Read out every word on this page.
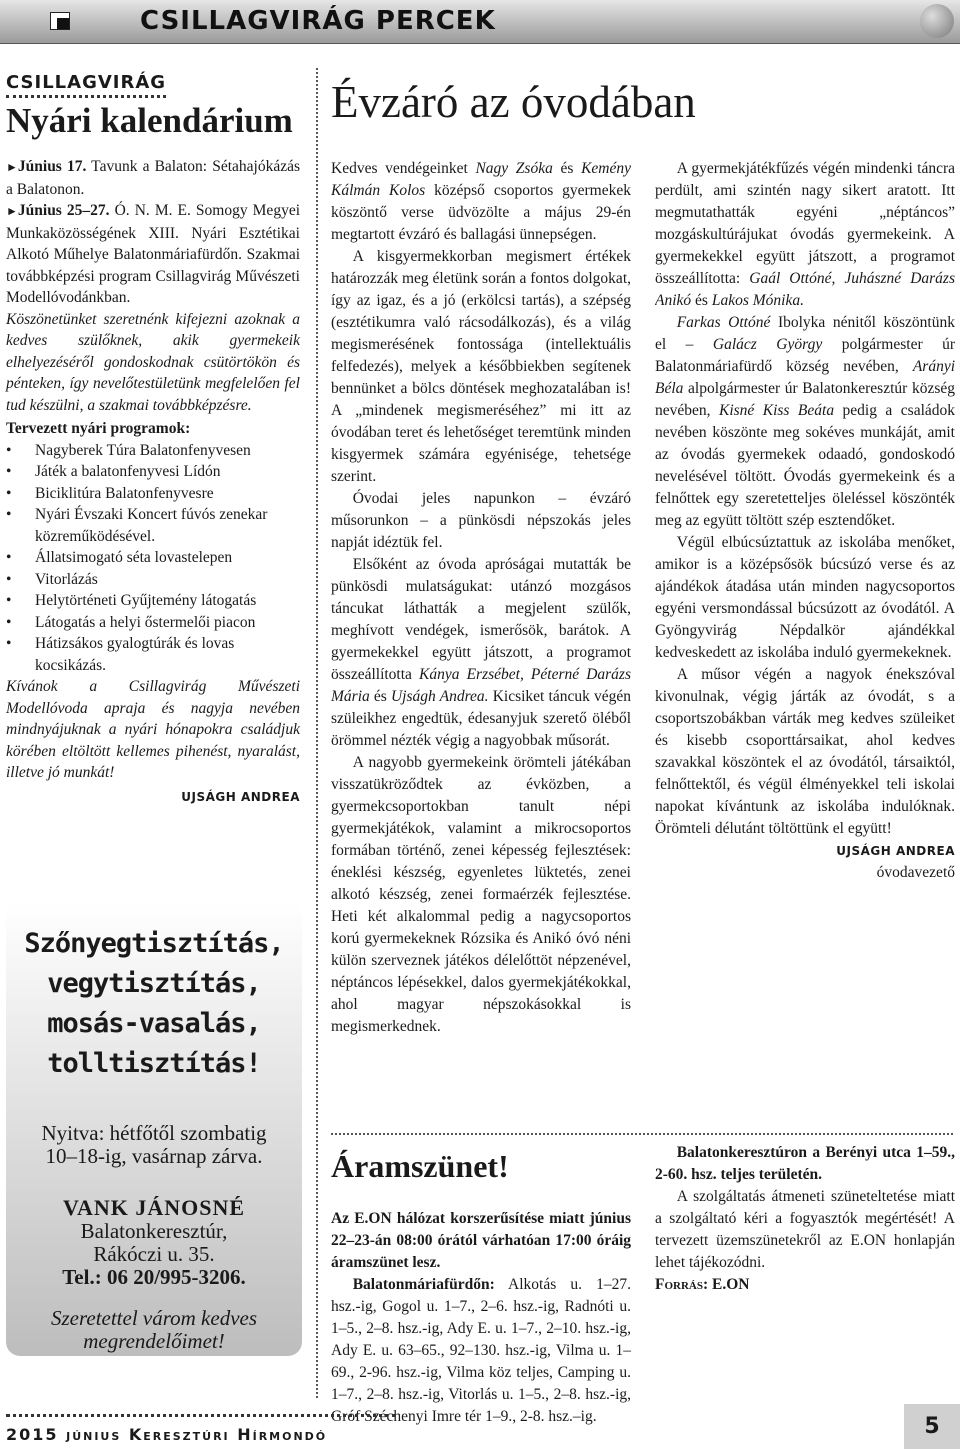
CSILLAGVIRÁG PERCEK
CSILLAGVIRÁG
Nyári kalendárium

►Június 17. Tavunk a Balaton: Sétahajókázás a Balatonon.

►Június 25–27. Ó. N. M. E. Somogy Megyei Munkaközösségének XIII. Nyári Esztétikai Alkotó Műhelye Balatonmáriafürdőn. Szakmai továbbképzési program Csillagvirág Művészeti Modellóvodánkban.

Köszönetünket szeretnénk kifejezni azoknak a kedves szülőknek, akik gyermekeik elhelyezéséről gondoskodnak csütörtökön és pénteken, így nevelőtestületünk megfelelően fel tud készülni, a szakmai továbbképzésre.

Tervezett nyári programok:
• Nagyberek Túra Balatonfenyvesen
• Játék a balatonfenyvesi Lídón
• Biciklitúra Balatonfenyvesre
• Nyári Évszaki Koncert fúvós zenekar közreműködésével.
• Állatsimogató séta lovastelepen
• Vitorlázás
• Helytörténeti Gyűjtemény látogatás
• Látogatás a helyi őstermelői piacon
• Hátizsákos gyalogtúrák és lovas kocsikázás.

Kívánok a Csillagvirág Művészeti Modellóvoda apraja és nagyja nevében mindnyájuknak a nyári hónapokra családjuk körében eltöltött kellemes pihenést, nyaralást, illetve jó munkát!

UJSÁGH ANDREA
Szőnyegtisztítás,
vegytisztítás,
mosás-vasalás,
tolltisztítás!
Nyitva: hétfőtől szombatig
10–18-ig, vasárnap zárva.
VANK JÁNOSNÉ
Balatonkeresztúr,
Rákóczi u. 35.
Tel.: 06 20/995-3206.
Szeretettel várom kedves
megrendelőimet!
Évzáró az óvodában

Kedves vendégeinket Nagy Zsóka és Kemény Kálmán Kolos középső csoportos gyermekek köszöntő verse üdvözölte a május 29-én megtartott évzáró és ballagási ünnepségen.

A kisgyermekkorban megismert értékek határozzák meg életünk során a fontos dolgokat, így az igaz, és a jó (erkölcsi tartás), a szépség (esztétikumra való rácsodálkozás), és a világ megismerésének fontossága (intellektuális felfedezés), melyek a későbbiekben segítenek bennünket a bölcs döntések meghozatalában is! A „mindenek megismeréséhez” mi itt az óvodában teret és lehetőséget teremtünk minden kisgyermek számára egyénisége, tehetsége szerint.

Óvodai jeles napunkon – évzáró műsorunkon – a pünkösdi népszokás jeles napját idéztük fel.

Elsőként az óvoda apróságai mutatták be pünkösdi mulatságukat: utánzó mozgásos táncukat láthatták a megjelent szülők, meghívott vendégek, ismerősök, barátok. A gyermekekkel együtt játszott, a programot összeállította Kánya Erzsébet, Péterné Darázs Mária és Ujságh Andrea. Kicsiket táncuk végén szüleikhez engedtük, édesanyjuk szerető öléből örömmel nézték végig a nagyobbak műsorát.

A nagyobb gyermekeink örömteli játékában visszatükröződtek az évközben, a gyermekcsoportokban tanult népi gyermekjátékok, valamint a mikrocsoportos formában történő, zenei képesség fejlesztések: éneklési készség, egyenletes lüktetés, zenei alkotó készség, zenei formaérzék fejlesztése. Heti két alkalommal pedig a nagycsoportos korú gyermekeknek Rózsika és Anikó óvó néni külön szerveznek játékos délelőttöt népzenével, néptáncos lépésekkel, dalos gyermekjátékokkal, ahol magyar népszokásokkal is megismerkednek.

A gyermekjátékfűzés végén mindenki táncra perdült, ami szintén nagy sikert aratott. Itt megmutathatták egyéni „néptáncos” mozgáskultúrájukat óvodás gyermekeink. A gyermekekkel együtt játszott, a programot összeállította: Gaál Ottóné, Juhászné Darázs Anikó és Lakos Mónika.

Farkas Ottóné Ibolyka nénitől köszöntünk el – Galácz György polgármester úr Balatonmáriafürdő község nevében, Arányi Béla alpolgármester úr Balatonkeresztúr község nevében, Kisné Kiss Beáta pedig a családok nevében köszönte meg sokéves munkáját, amit az óvodás gyermekek odaadó, gondoskodó nevelésével töltött. Óvodás gyermekeink és a felnőttek egy szeretetteljes öleléssel köszönték meg az együtt töltött szép esztendőket.

Végül elbúcsúztattuk az iskolába menőket, amikor is a középsősök búcsúzó verse és az ajándékok átadása után minden nagycsoportos egyéni versmondással búcsúzott az óvodától. A Gyöngyvirág Népdalkör ajándékkal kedveskedett az iskolába induló gyermekeknek.

A műsor végén a nagyok énekszóval kivonulnak, végig járták az óvodát, s a csoportszobákban várták meg kedves szüleiket és kisebb csoporttársaikat, ahol kedves szavakkal köszöntek el az óvodától, társaiktól, felnőttektől, és végül élményekkel teli iskolai napokat kívántunk az iskolába indulóknak. Örömteli délutánt töltöttünk el együtt!

UJSÁGH ANDREA
óvodavezető
Áramszünet!

Az E.ON hálózat korszerűsítése miatt június 22–23-án 08:00 órától várhatóan 17:00 óráig áramszünet lesz.

Balatonmáriafürdőn: Alkotás u. 1–27. hsz.-ig, Gogol u. 1–7., 2–6. hsz.-ig, Radnóti u. 1–5., 2–8. hsz.-ig, Ady E. u. 1–7., 2–10. hsz.-ig, Ady E. u. 63–65., 92–130. hsz.-ig, Vilma u. 1–69., 2-96. hsz.-ig, Vilma köz teljes, Camping u. 1–7., 2–8. hsz.-ig, Vitorlás u. 1–5., 2–8. hsz.-ig, Gróf Széchenyi Imre tér 1–9., 2-8. hsz.–ig.

Balatonkeresztúron a Berényi utca 1–59., 2-60. hsz. teljes területén.

A szolgáltatás átmeneti szüneteltetése miatt a szolgáltató kéri a fogyasztók megértését! A tervezett üzemszünetekről az E.ON honlapján lehet tájékozódni.

Forrás: E.ON

2015 június Keresztúri Hírmondó	5
